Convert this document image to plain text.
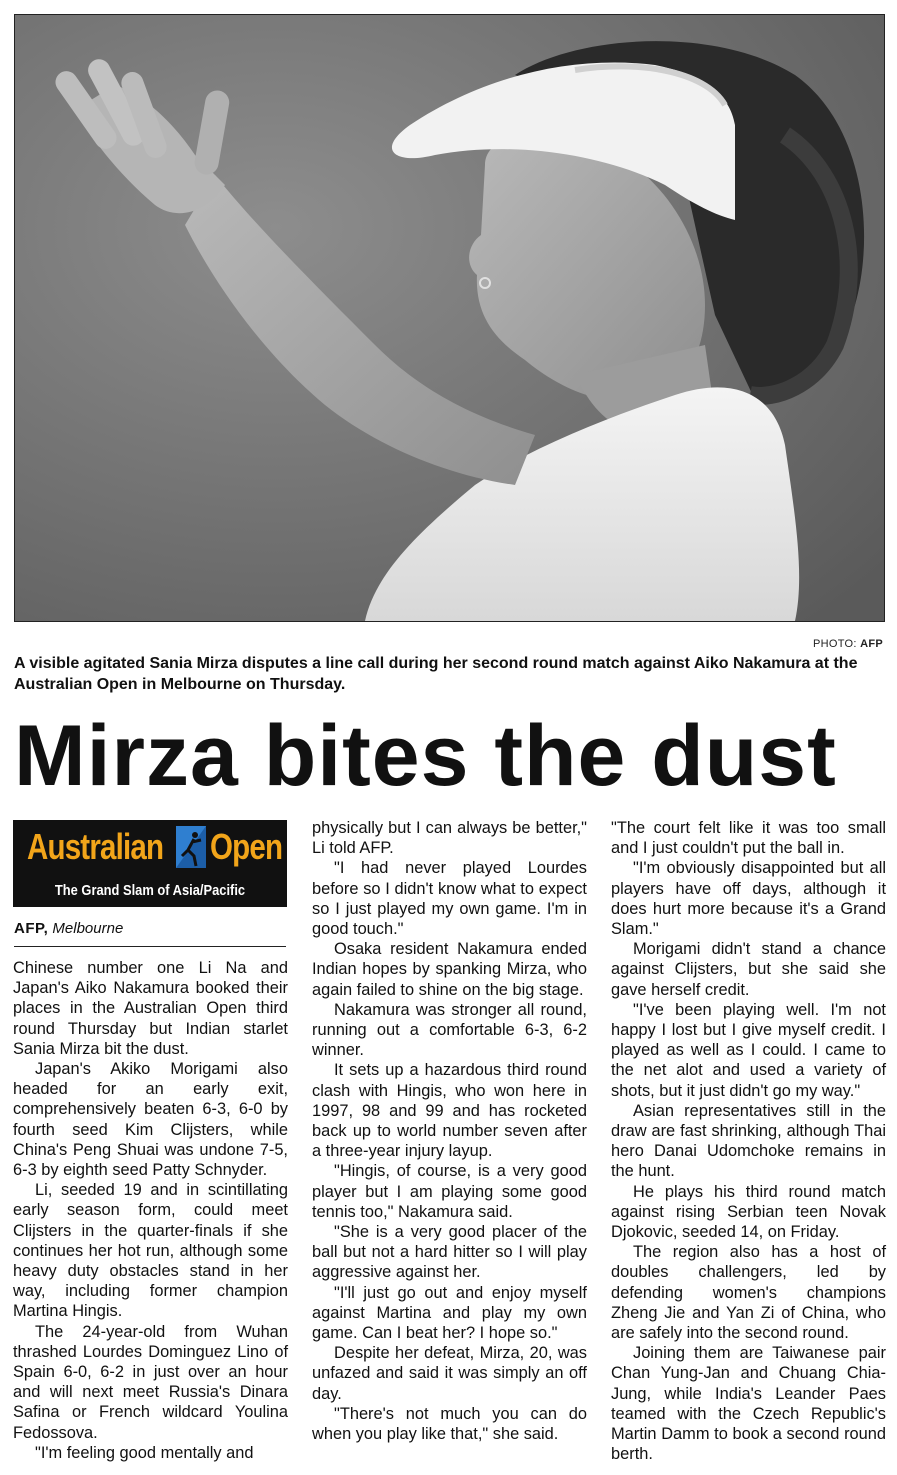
PHOTO: AFP
A visible agitated Sania Mirza disputes a line call during her second round match against Aiko Nakamura at the Australian Open in Melbourne on Thursday.
Mirza bites the dust
Australian Open
The Grand Slam of Asia/Pacific
AFP, Melbourne

Chinese number one Li Na and Japan's Aiko Nakamura booked their places in the Australian Open third round Thursday but Indian starlet Sania Mirza bit the dust.

Japan's Akiko Morigami also headed for an early exit, comprehensively beaten 6-3, 6-0 by fourth seed Kim Clijsters, while China's Peng Shuai was undone 7-5, 6-3 by eighth seed Patty Schnyder.

Li, seeded 19 and in scintillating early season form, could meet Clijsters in the quarter-finals if she continues her hot run, although some heavy duty obstacles stand in her way, including former champion Martina Hingis.

The 24-year-old from Wuhan thrashed Lourdes Dominguez Lino of Spain 6-0, 6-2 in just over an hour and will next meet Russia's Dinara Safina or French wildcard Youlina Fedossova.

"I'm feeling good mentally and

physically but I can always be better," Li told AFP.

"I had never played Lourdes before so I didn't know what to expect so I just played my own game. I'm in good touch."

Osaka resident Nakamura ended Indian hopes by spanking Mirza, who again failed to shine on the big stage.

Nakamura was stronger all round, running out a comfortable 6-3, 6-2 winner.

It sets up a hazardous third round clash with Hingis, who won here in 1997, 98 and 99 and has rocketed back up to world number seven after a three-year injury layup.

"Hingis, of course, is a very good player but I am playing some good tennis too," Nakamura said.

"She is a very good placer of the ball but not a hard hitter so I will play aggressive against her.

"I'll just go out and enjoy myself against Martina and play my own game. Can I beat her? I hope so."

Despite her defeat, Mirza, 20, was unfazed and said it was simply an off day.

"There's not much you can do when you play like that," she said.

"The court felt like it was too small and I just couldn't put the ball in.

"I'm obviously disappointed but all players have off days, although it does hurt more because it's a Grand Slam."

Morigami didn't stand a chance against Clijsters, but she said she gave herself credit.

"I've been playing well. I'm not happy I lost but I give myself credit. I played as well as I could. I came to the net alot and used a variety of shots, but it just didn't go my way."

Asian representatives still in the draw are fast shrinking, although Thai hero Danai Udomchoke remains in the hunt.

He plays his third round match against rising Serbian teen Novak Djokovic, seeded 14, on Friday.

The region also has a host of doubles challengers, led by defending women's champions Zheng Jie and Yan Zi of China, who are safely into the second round.

Joining them are Taiwanese pair Chan Yung-Jan and Chuang Chia-Jung, while India's Leander Paes teamed with the Czech Republic's Martin Damm to book a second round berth.
